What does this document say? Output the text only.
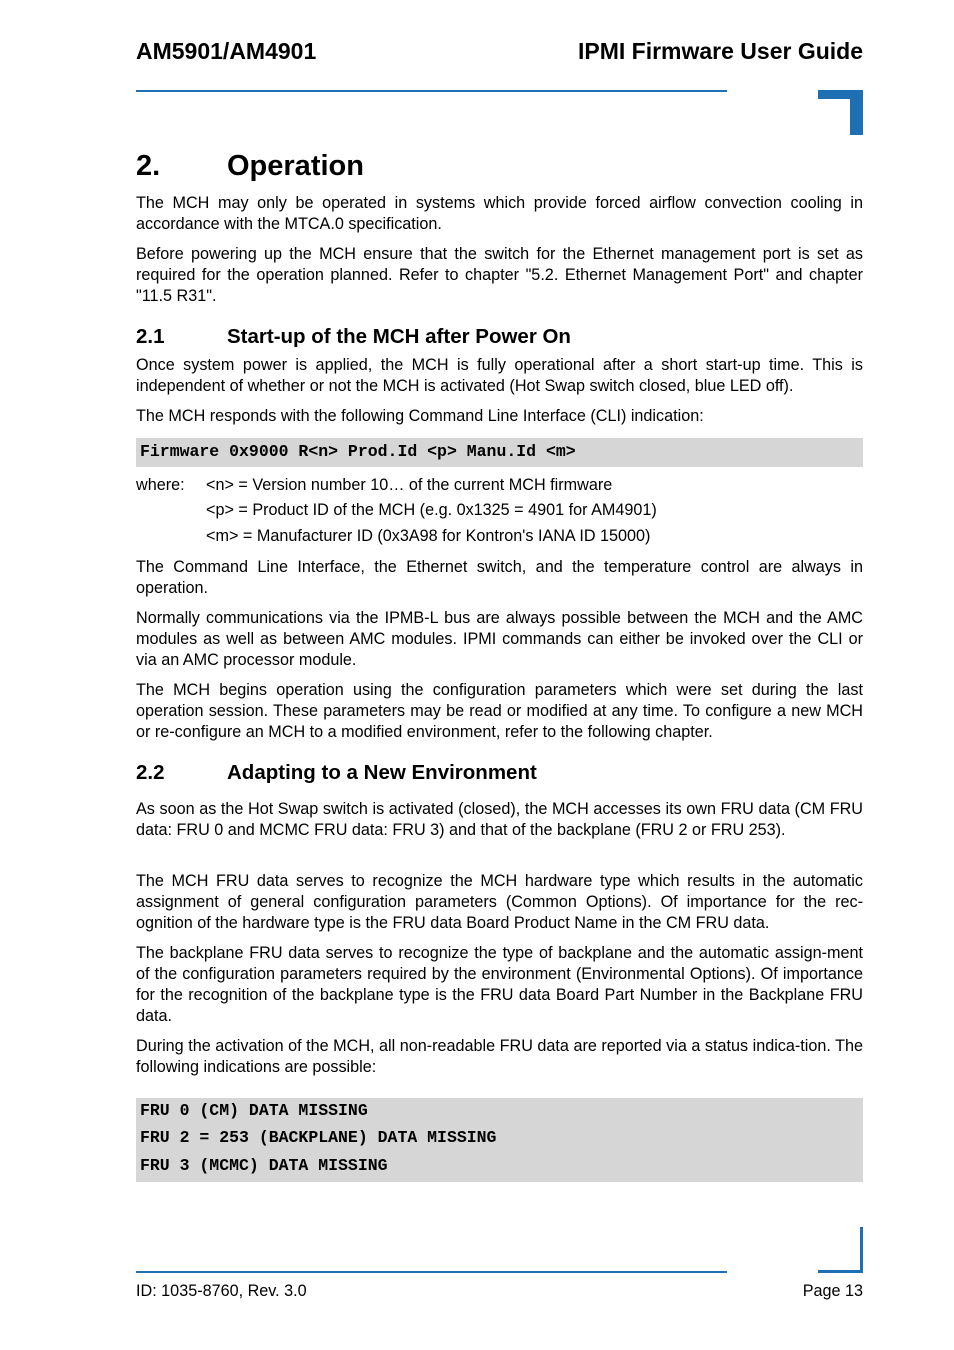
AM5901/AM4901	IPMI Firmware User Guide
2. Operation
The MCH may only be operated in systems which provide forced airflow convection cooling in accordance with the MTCA.0 specification.
Before powering up the MCH ensure that the switch for the Ethernet management port is set as required for the operation planned. Refer to chapter "5.2. Ethernet Management Port" and chapter "11.5 R31".
2.1	Start-up of the MCH after Power On
Once system power is applied, the MCH is fully operational after a short start-up time. This is independent of whether or not the MCH is activated (Hot Swap switch closed, blue LED off).
The MCH responds with the following Command Line Interface (CLI) indication:
Firmware 0x9000 R<n> Prod.Id <p> Manu.Id <m>
where: <n> = Version number 10… of the current MCH firmware
<p> = Product ID of the MCH (e.g. 0x1325 = 4901 for AM4901)
<m> = Manufacturer ID (0x3A98 for Kontron's IANA ID 15000)
The Command Line Interface, the Ethernet switch, and the temperature control are always in operation.
Normally communications via the IPMB-L bus are always possible between the MCH and the AMC modules as well as between AMC modules. IPMI commands can either be invoked over the CLI or via an AMC processor module.
The MCH begins operation using the configuration parameters which were set during the last operation session. These parameters may be read or modified at any time. To configure a new MCH or re-configure an MCH to a modified environment, refer to the following chapter.
2.2	Adapting to a New Environment
As soon as the Hot Swap switch is activated (closed), the MCH accesses its own FRU data (CM FRU data: FRU 0 and MCMC FRU data: FRU 3) and that of the backplane (FRU 2 or FRU 253).
The MCH FRU data serves to recognize the MCH hardware type which results in the automatic assignment of general configuration parameters (Common Options). Of importance for the rec-ognition of the hardware type is the FRU data Board Product Name in the CM FRU data.
The backplane FRU data serves to recognize the type of backplane and the automatic assign-ment of the configuration parameters required by the environment (Environmental Options). Of importance for the recognition of the backplane type is the FRU data Board Part Number in the Backplane FRU data.
During the activation of the MCH, all non-readable FRU data are reported via a status indica-tion. The following indications are possible:
FRU 0 (CM) DATA MISSING
FRU 2 = 253 (BACKPLANE) DATA MISSING
FRU 3 (MCMC) DATA MISSING
ID: 1035-8760, Rev. 3.0	Page 13
